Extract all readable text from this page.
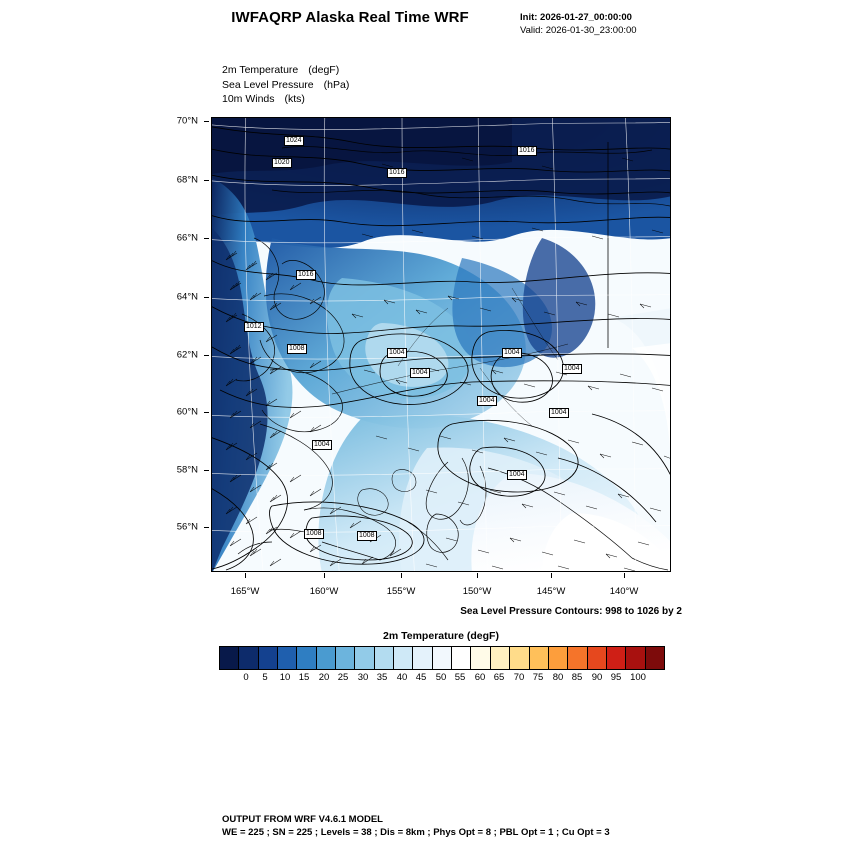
IWFAQRP Alaska Real Time WRF	Init: 2026-01-27_00:00:00
Valid: 2026-01-30_23:00:00
2m Temperature (degF)
Sea Level Pressure (hPa)
10m Winds (kts)
70°N
68°N
66°N
64°N
62°N
60°N
58°N
56°N
165°W	160°W	155°W	150°W	145°W	140°W
1024
1020
1016
1016
1016
1012
1008
1004
1004
1004
1004
1004
1004
1004
1004
1008	1008
Sea Level Pressure Contours: 998 to 1026 by 2
2m Temperature (degF)
0 5 10 15 20 25 30 35 40 45 50 55 60 65 70 75 80 85 90 95 100
OUTPUT FROM WRF V4.6.1 MODEL
WE = 225 ; SN = 225 ; Levels = 38 ; Dis = 8km ; Phys Opt = 8 ; PBL Opt = 1 ; Cu Opt = 3
